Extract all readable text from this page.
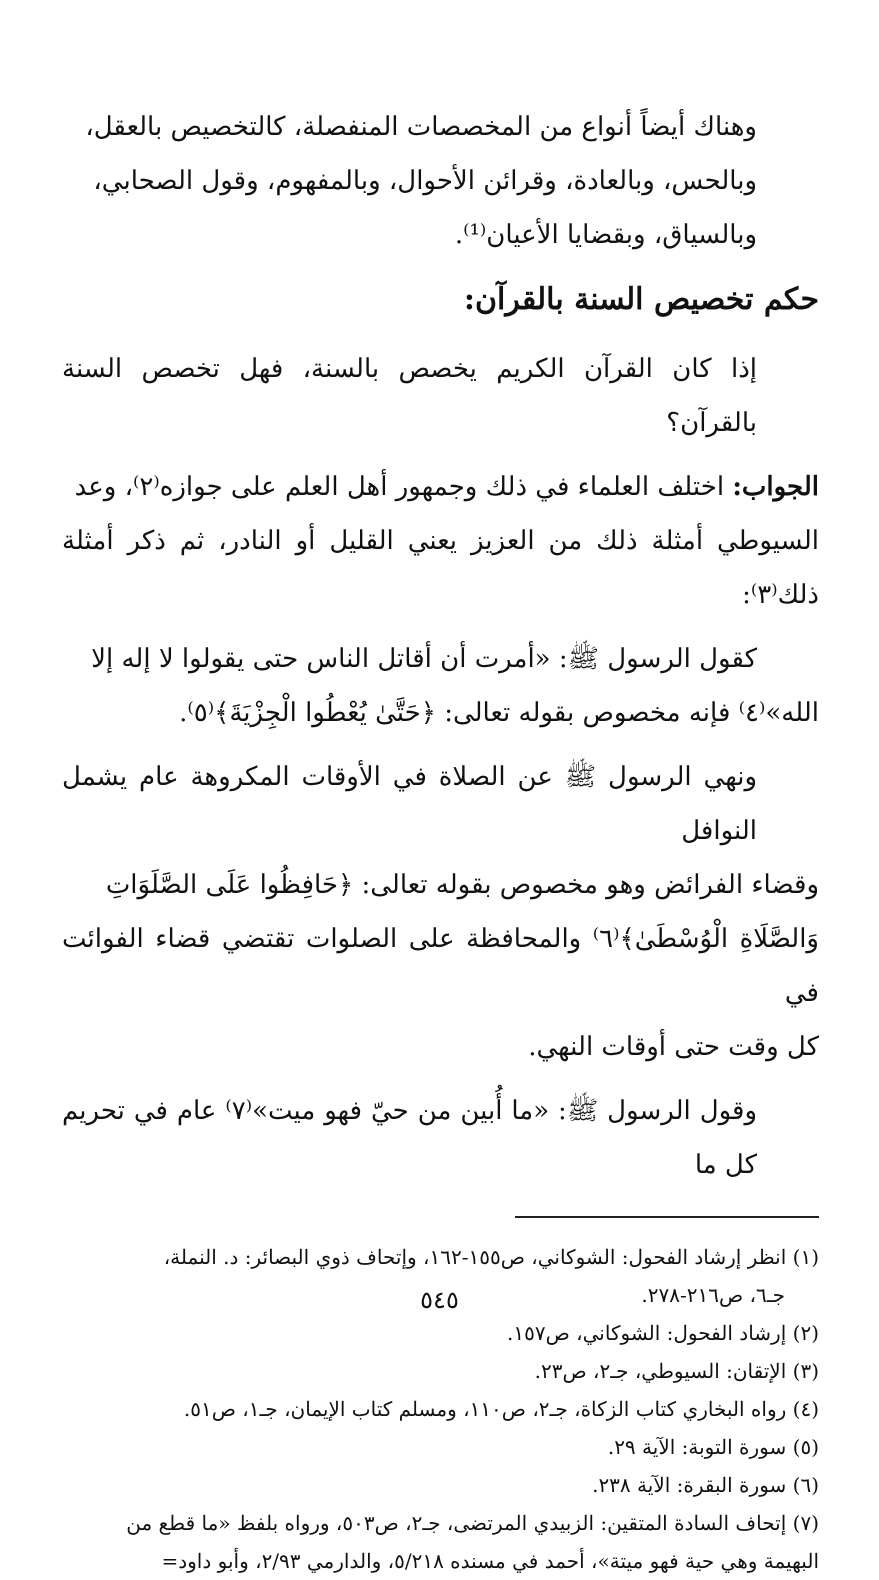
وهناك أيضاً أنواع من المخصصات المنفصلة، كالتخصيص بالعقل،
وبالحس، وبالعادة، وقرائن الأحوال، وبالمفهوم، وقول الصحابي،
وبالسياق، وبقضايا الأعيان⁽¹⁾.
حكم تخصيص السنة بالقرآن:
إذا كان القرآن الكريم يخصص بالسنة، فهل تخصص السنة بالقرآن؟
الجواب: اختلف العلماء في ذلك وجمهور أهل العلم على جوازه⁽٢⁾، وعد
السيوطي أمثلة ذلك من العزيز يعني القليل أو النادر، ثم ذكر أمثلة ذلك⁽٣⁾:
كقول الرسول ﷺ: «أمرت أن أقاتل الناس حتى يقولوا لا إله إلا
الله»⁽٤⁾ فإنه مخصوص بقوله تعالى: ﴿حَتَّىٰ يُعْطُوا الْجِزْيَةَ﴾⁽٥⁾.
ونهي الرسول ﷺ عن الصلاة في الأوقات المكروهة عام يشمل النوافل
وقضاء الفرائض وهو مخصوص بقوله تعالى: ﴿حَافِظُوا عَلَى الصَّلَوَاتِ
وَالصَّلَاةِ الْوُسْطَىٰ﴾⁽٦⁾ والمحافظة على الصلوات تقتضي قضاء الفوائت في
كل وقت حتى أوقات النهي.
وقول الرسول ﷺ: «ما أُبين من حيّ فهو ميت»⁽٧⁾ عام في تحريم كل ما
(١) انظر إرشاد الفحول: الشوكاني، ص١٥٥-١٦٢، وإتحاف ذوي البصائر: د. النملة،
جـ٦، ص٢١٦-٢٧٨.
(٢) إرشاد الفحول: الشوكاني، ص١٥٧.
(٣) الإتقان: السيوطي، جـ٢، ص٢٣.
(٤) رواه البخاري كتاب الزكاة، جـ٢، ص١١٠، ومسلم كتاب الإيمان، جـ١، ص٥١.
(٥) سورة التوبة: الآية ٢٩.
(٦) سورة البقرة: الآية ٢٣٨.
(٧) إتحاف السادة المتقين: الزبيدي المرتضى، جـ٢، ص٥٠٣، ورواه بلفظ «ما قطع من
البهيمة وهي حية فهو ميتة»، أحمد في مسنده ٥/٢١٨، والدارمي ٢/٩٣، وأبو داود=
٥٤٥
